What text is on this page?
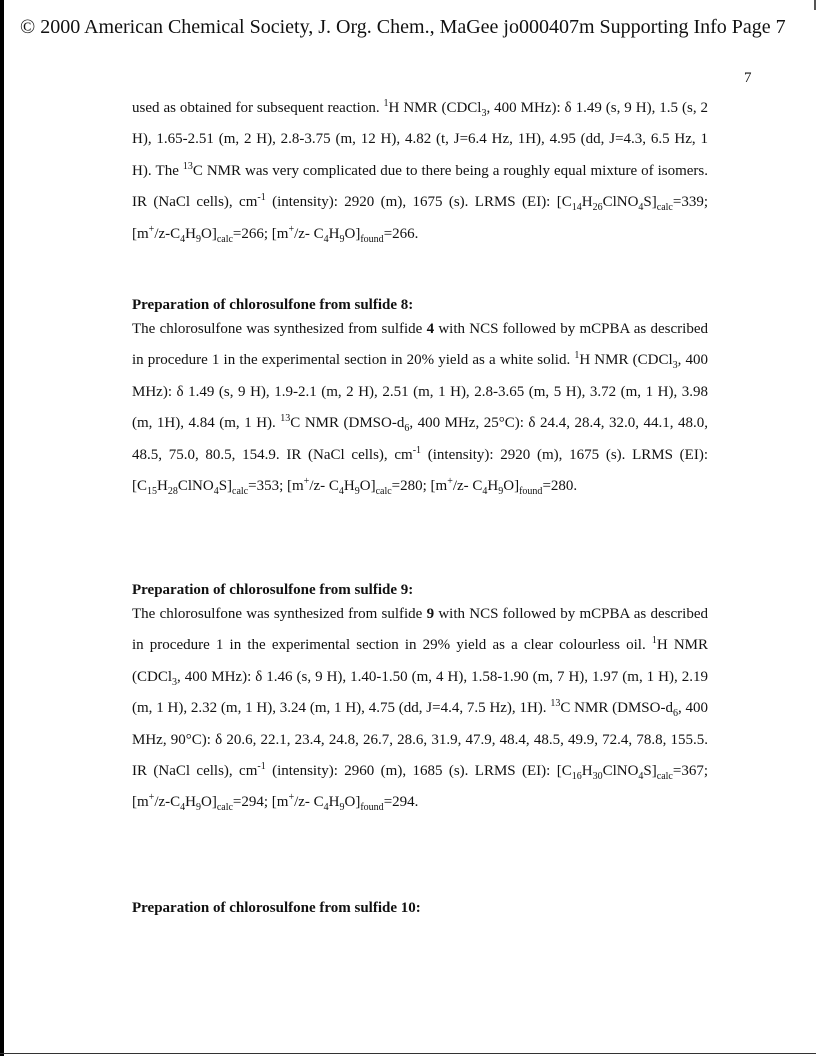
© 2000 American Chemical Society, J. Org. Chem., MaGee jo000407m Supporting Info Page 7
7

used as obtained for subsequent reaction. $^1$H NMR (CDCl$_3$, 400 MHz): δ 1.49 (s, 9 H), 1.5 (s, 2 H), 1.65-2.51 (m, 2 H), 2.8-3.75 (m, 12 H), 4.82 (t, J=6.4 Hz, 1H), 4.95 (dd, J=4.3, 6.5 Hz, 1 H). The $^{13}$C NMR was very complicated due to there being a roughly equal mixture of isomers. IR (NaCl cells), $cm^{-1}$ (intensity): 2920 (m), 1675 (s). LRMS (EI): $[C_{14}H_{26}ClNO_4S]_{calc}=339$; $[m^+/z-C_4H_9O]_{calc}=266$; [m+/z- $C_4H_9O]_{found}=266$.

Preparation of chlorosulfone from sulfide 8:

The chlorosulfone was synthesized from sulfide 4 with NCS followed by mCPBA as described in procedure 1 in the experimental section in 20% yield as a white solid. $^1$H NMR (CDCl$_3$, 400 MHz): δ 1.49 (s, 9 H), 1.9-2.1 (m, 2 H), 2.51 (m, 1 H), 2.8-3.65 (m, 5 H), 3.72 (m, 1 H), 3.98 (m, 1H), 4.84 (m, 1 H). $^{13}$C NMR ($DMSO-d_6$, 400 MHz, 25°C): δ 24.4, 28.4, 32.0, 44.1, 48.0, 48.5, 75.0, 80.5, 154.9. IR (NaCl cells), $cm^{-1}$ (intensity): 2920 (m), 1675 (s). LRMS (EI): $[C_{15}H_{28}ClNO_4S]_{calc}=353$; [m+/z- $C_4H_9O]_{calc}=280$; [m+/z- $C_4H_9O]_{found}=280$.

Preparation of chlorosulfone from sulfide 9:

The chlorosulfone was synthesized from sulfide 9 with NCS followed by mCPBA as described in procedure 1 in the experimental section in 29% yield as a clear colourless oil. $^1$H NMR (CDCl$_3$, 400 MHz): δ 1.46 (s, 9 H), 1.40-1.50 (m, 4 H), 1.58-1.90 (m, 7 H), 1.97 (m, 1 H), 2.19 (m, 1 H), 2.32 (m, 1 H), 3.24 (m, 1 H), 4.75 (dd, J=4.4, 7.5 Hz), 1H). $^{13}$C NMR ($DMSO-d_6$, 400 MHz, 90°C): δ 20.6, 22.1, 23.4, 24.8, 26.7, 28.6, 31.9, 47.9, 48.4, 48.5, 49.9, 72.4, 78.8, 155.5. IR (NaCl cells), $cm^{-1}$ (intensity): 2960 (m), 1685 (s). LRMS (EI): $[C_{16}H_{30}ClNO_4S]_{calc}=367$; $[m^+/z-C_4H_9O]_{calc}=294$; [m+/z- $C_4H_9O]_{found}=294$.

Preparation of chlorosulfone from sulfide 10:
